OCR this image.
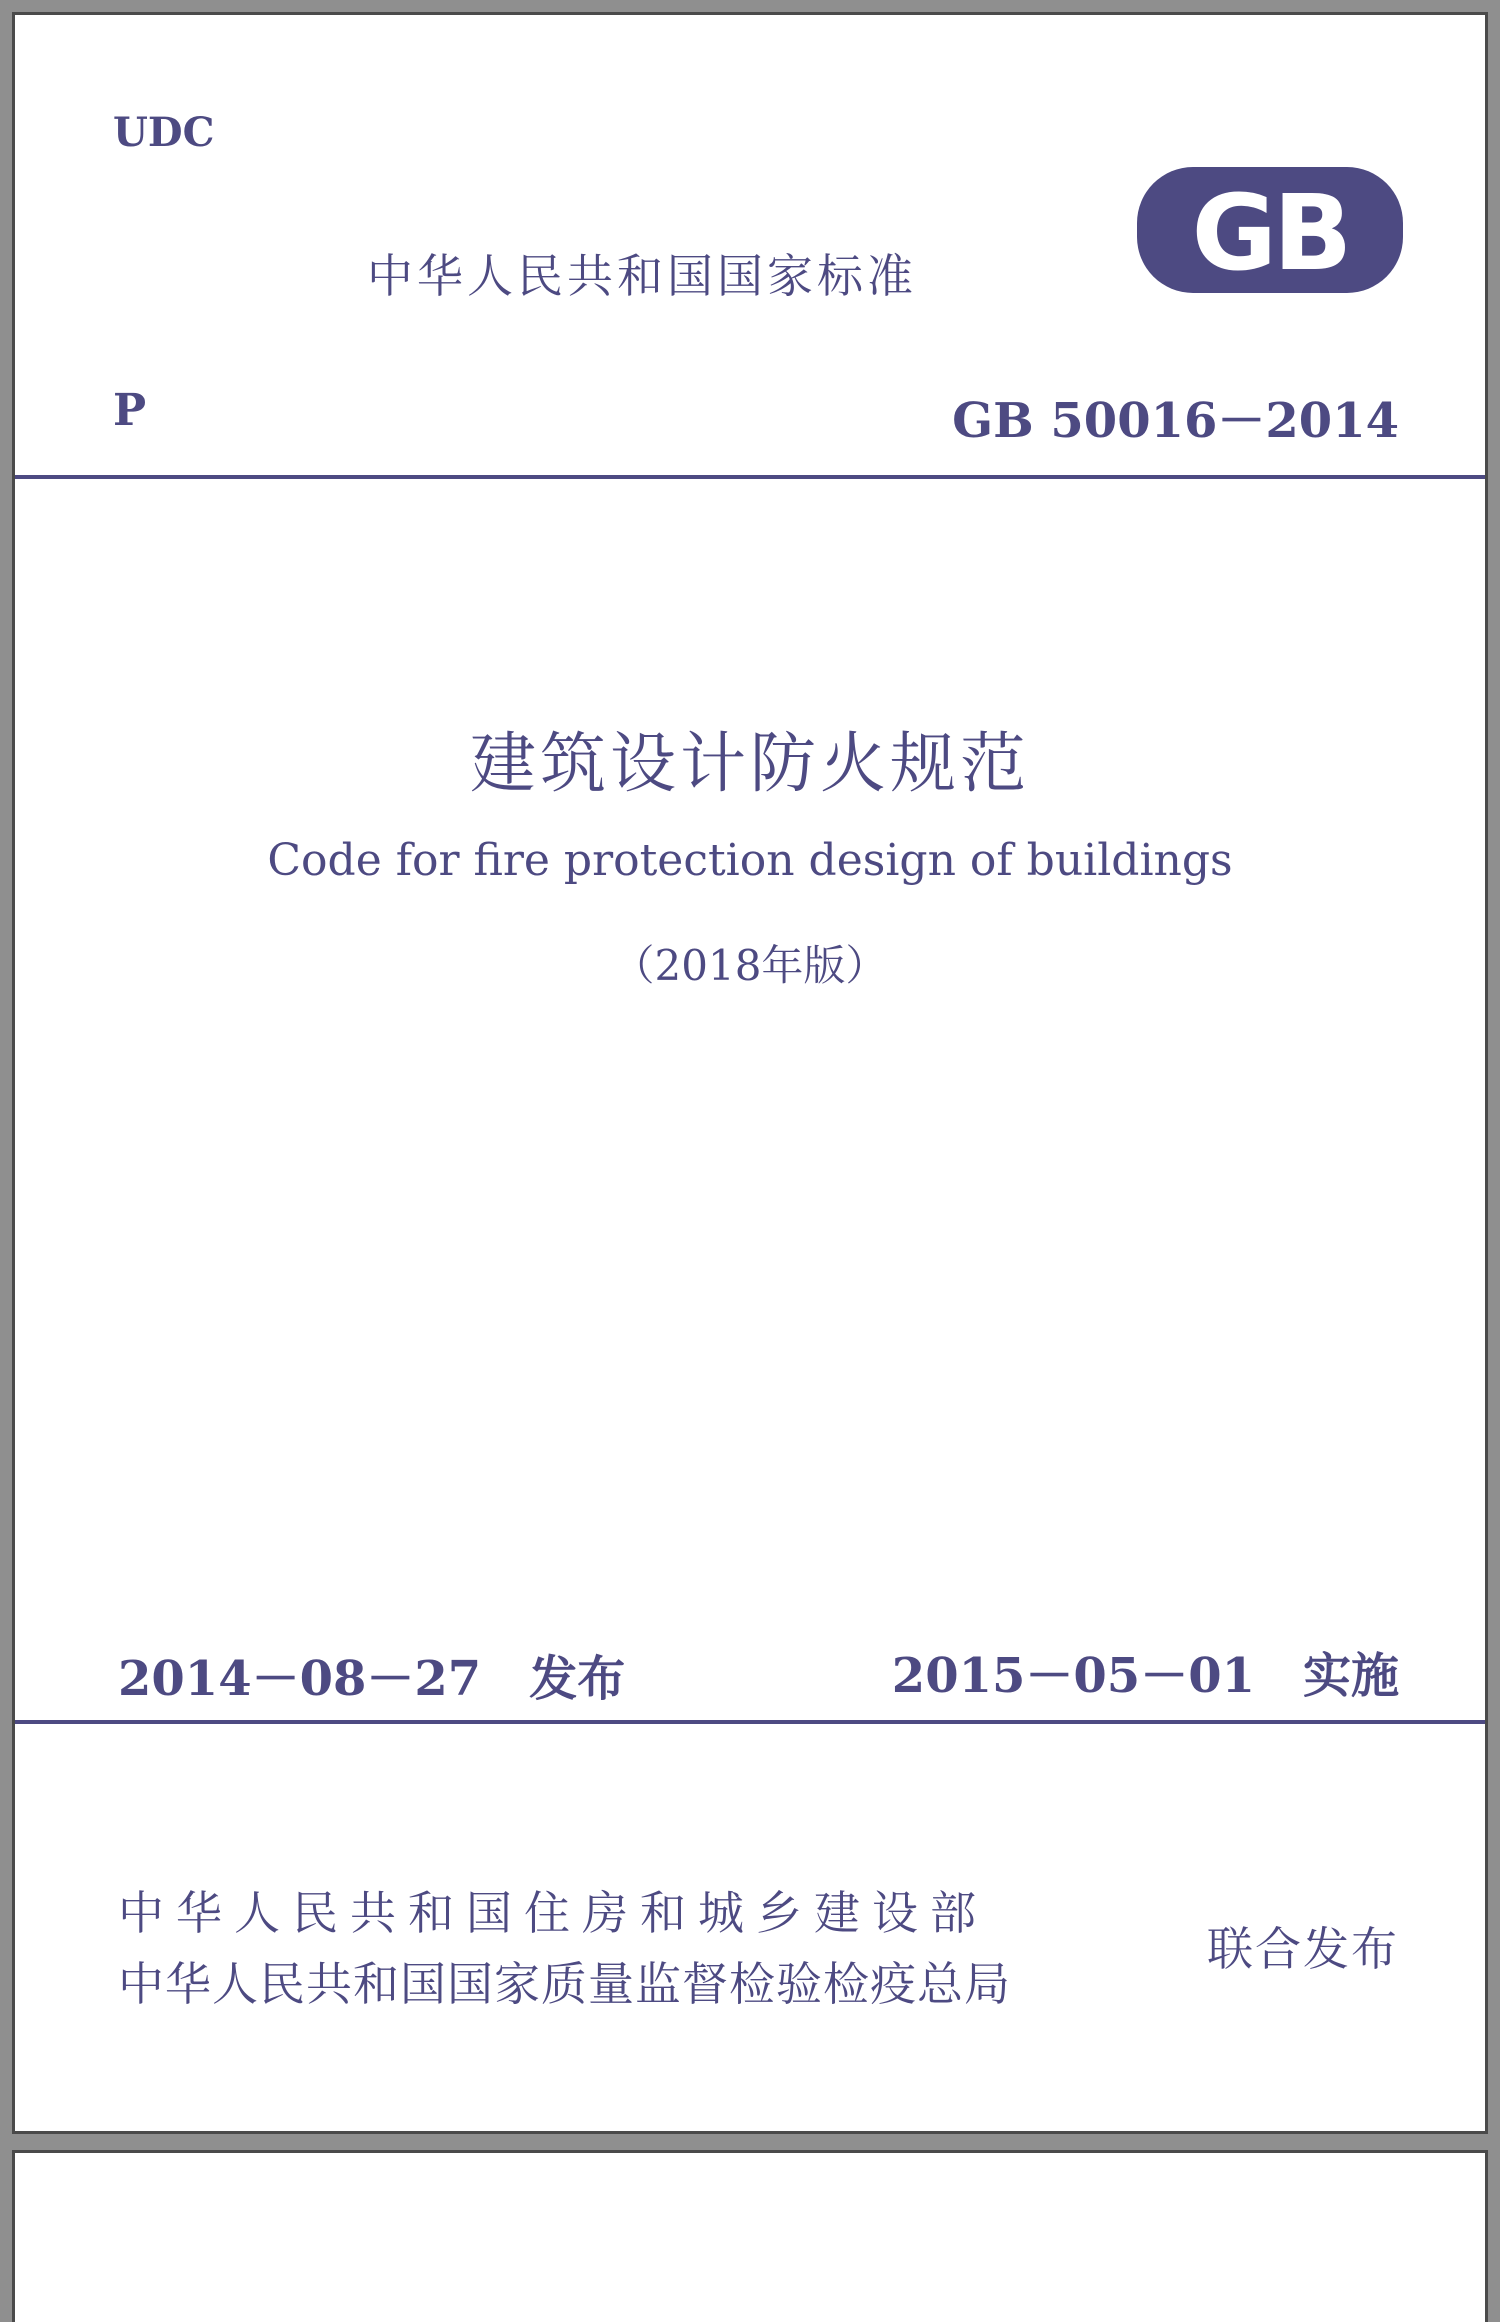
UDC
中华人民共和国国家标准	GB
P	GB 50016－2014
建筑设计防火规范
Code for fire protection design of buildings
（2018年版）
2014－08－27　发布	2015－05－01　实施
中华人民共和国住房和城乡建设部
中华人民共和国国家质量监督检验检疫总局
联合发布
